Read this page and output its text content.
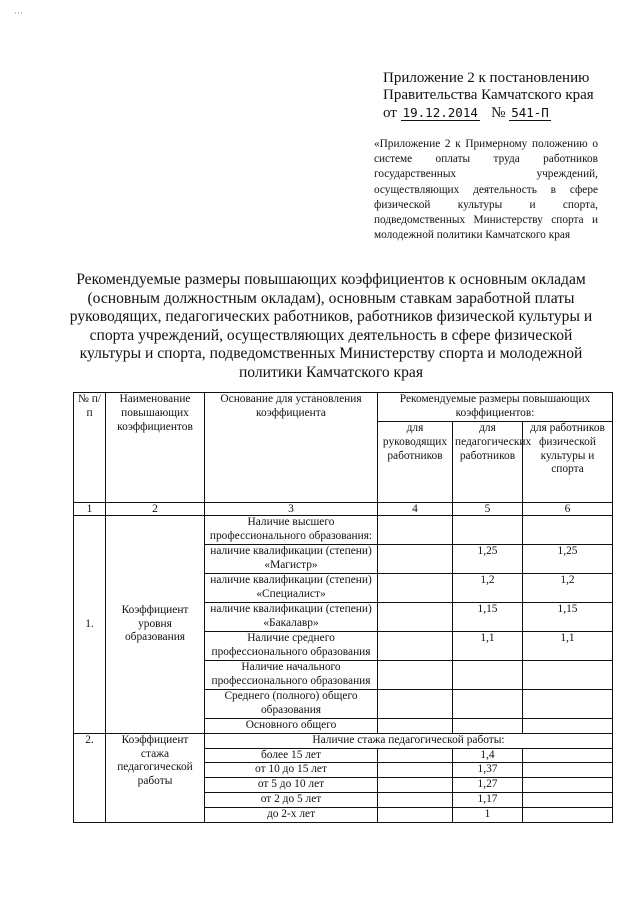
···
Приложение 2 к постановлению
Правительства Камчатского края
от 19.12.2014 № 541-П

«Приложение 2 к Примерному положению о системе оплаты труда работников государственных учреждений, осуществляющих деятельность в сфере физической культуры и спорта, подведомственных Министерству спорта и молодежной политики Камчатского края

Рекомендуемые размеры повышающих коэффициентов к основным окладам (основным должностным окладам), основным ставкам заработной платы руководящих, педагогических работников, работников физической культуры и спорта учреждений, осуществляющих деятельность в сфере физической культуры и спорта, подведомственных Министерству спорта и молодежной политики Камчатского края
№ п/п	Наименование повышающих коэффициентов	Основание для установления коэффициента	Рекомендуемые размеры повышающих коэффициентов:		
			для руководящих работников	для педагогических работников	для работников физической культуры и спорта
1	2	3	4	5	6
1.	Коэффициент уровня образования	Наличие высшего профессионального образования:			
		наличие квалификации (степени) «Магистр»		1,25	1,25
		наличие квалификации (степени) «Специалист»		1,2	1,2
		наличие квалификации (степени) «Бакалавр»		1,15	1,15
		Наличие среднего профессионального образования		1,1	1,1
		Наличие начального профессионального образования			
		Среднего (полного) общего образования			
		Основного общего			
2.	Коэффициент стажа педагогической работы	Наличие стажа педагогической работы:			
		более 15 лет		1,4	
		от 10 до 15 лет		1,37	
		от 5 до 10 лет		1,27	
		от 2 до 5 лет		1,17	
		до 2-х лет		1	
